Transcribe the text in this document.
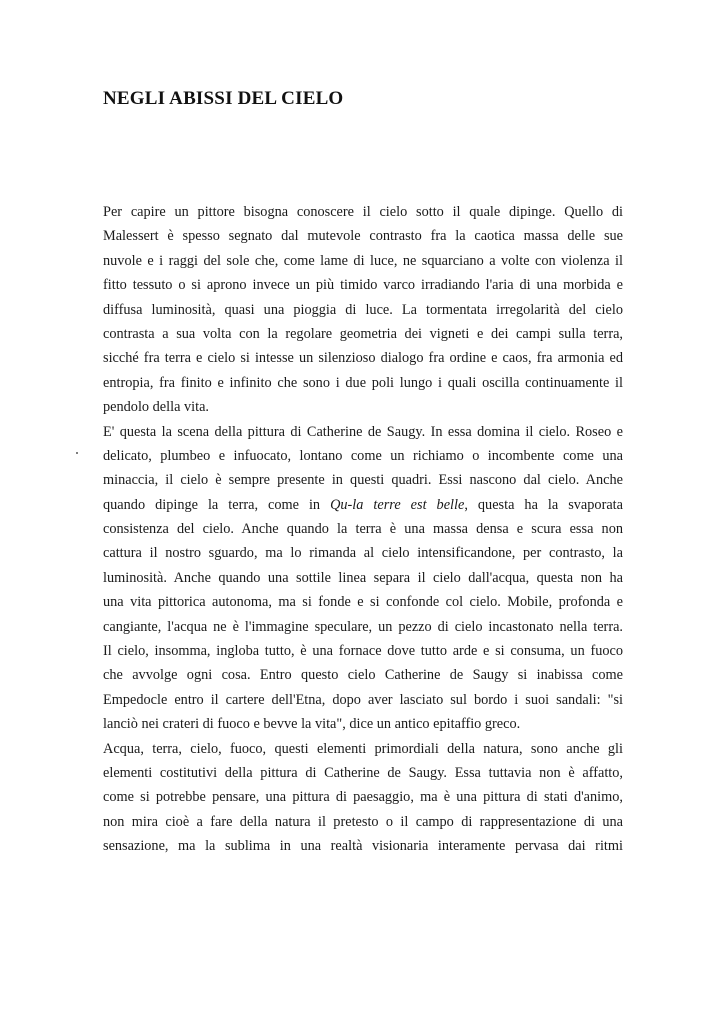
NEGLI ABISSI DEL CIELO
Per capire un pittore bisogna conoscere il cielo sotto il quale dipinge. Quello di
Malessert è spesso segnato dal mutevole contrasto fra la caotica massa delle sue
nuvole e i raggi del sole che, come lame di luce, ne squarciano a volte con violenza il
fitto tessuto o si aprono invece un più timido varco irradiando l'aria di una morbida e
diffusa luminosità, quasi una pioggia di luce. La tormentata irregolarità del cielo
contrasta a sua volta con la regolare geometria dei vigneti e dei campi sulla terra,
sicché fra terra e cielo si intesse un silenzioso dialogo fra ordine e caos, fra armonia ed
entropia, fra finito e infinito che sono i due poli lungo i quali oscilla continuamente il
pendolo della vita.
E' questa la scena della pittura di Catherine de Saugy. In essa domina il cielo. Roseo e
delicato, plumbeo e infuocato, lontano come un richiamo o incombente come una
minaccia, il cielo è sempre presente in questi quadri. Essi nascono dal cielo. Anche
quando dipinge la terra, come in Qu-la terre est belle, questa ha la svaporata
consistenza del cielo. Anche quando la terra è una massa densa e scura essa non
cattura il nostro sguardo, ma lo rimanda al cielo intensificandone, per contrasto, la
luminosità. Anche quando una sottile linea separa il cielo dall'acqua, questa non ha
una vita pittorica autonoma, ma si fonde e si confonde col cielo. Mobile, profonda e
cangiante, l'acqua ne è l'immagine speculare, un pezzo di cielo incastonato nella terra.
Il cielo, insomma, ingloba tutto, è una fornace dove tutto arde e si consuma, un fuoco
che avvolge ogni cosa. Entro questo cielo Catherine de Saugy si inabissa come
Empedocle entro il cartere dell'Etna, dopo aver lasciato sul bordo i suoi sandali: "si
lanciò nei crateri di fuoco e bevve la vita", dice un antico epitaffio greco.
Acqua, terra, cielo, fuoco, questi elementi primordiali della natura, sono anche gli
elementi costitutivi della pittura di Catherine de Saugy. Essa tuttavia non è affatto,
come si potrebbe pensare, una pittura di paesaggio, ma è una pittura di stati d'animo,
non mira cioè a fare della natura il pretesto o il campo di rappresentazione di una
sensazione, ma la sublima in una realtà visionaria interamente pervasa dai ritmi
